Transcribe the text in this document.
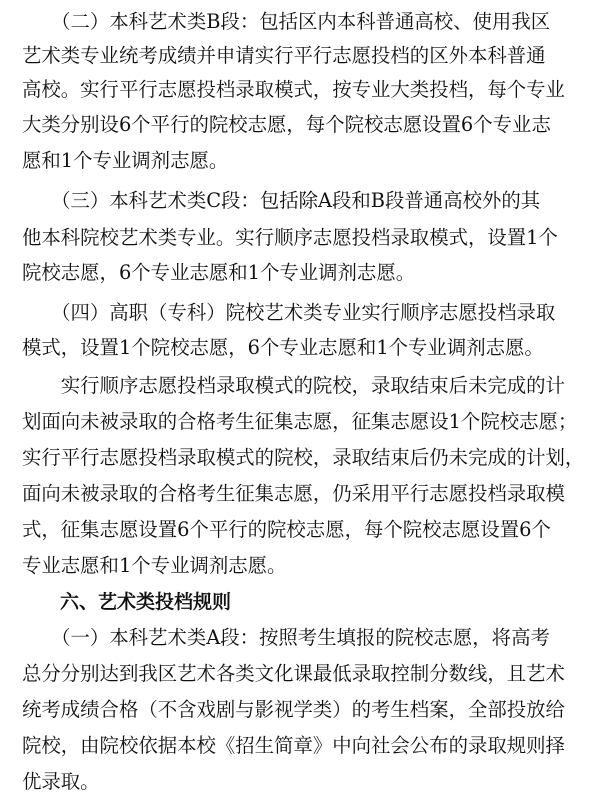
　　（二）本科艺术类B段：包括区内本科普通高校、使用我区
艺术类专业统考成绩并申请实行平行志愿投档的区外本科普通
高校。实行平行志愿投档录取模式，按专业大类投档，每个专业
大类分别设6个平行的院校志愿，每个院校志愿设置6个专业志
愿和1个专业调剂志愿。
　　（三）本科艺术类C段：包括除A段和B段普通高校外的其
他本科院校艺术类专业。实行顺序志愿投档录取模式，设置1个
院校志愿，6个专业志愿和1个专业调剂志愿。
　　（四）高职（专科）院校艺术类专业实行顺序志愿投档录取
模式，设置1个院校志愿，6个专业志愿和1个专业调剂志愿。
　　实行顺序志愿投档录取模式的院校，录取结束后未完成的计
划面向未被录取的合格考生征集志愿，征集志愿设1个院校志愿；
实行平行志愿投档录取模式的院校，录取结束后仍未完成的计划，
面向未被录取的合格考生征集志愿，仍采用平行志愿投档录取模
式，征集志愿设置6个平行的院校志愿，每个院校志愿设置6个
专业志愿和1个专业调剂志愿。
　　六、艺术类投档规则
　　（一）本科艺术类A段：按照考生填报的院校志愿，将高考
总分分别达到我区艺术各类文化课最低录取控制分数线，且艺术
统考成绩合格（不含戏剧与影视学类）的考生档案，全部投放给
院校，由院校依据本校《招生简章》中向社会公布的录取规则择
优录取。
